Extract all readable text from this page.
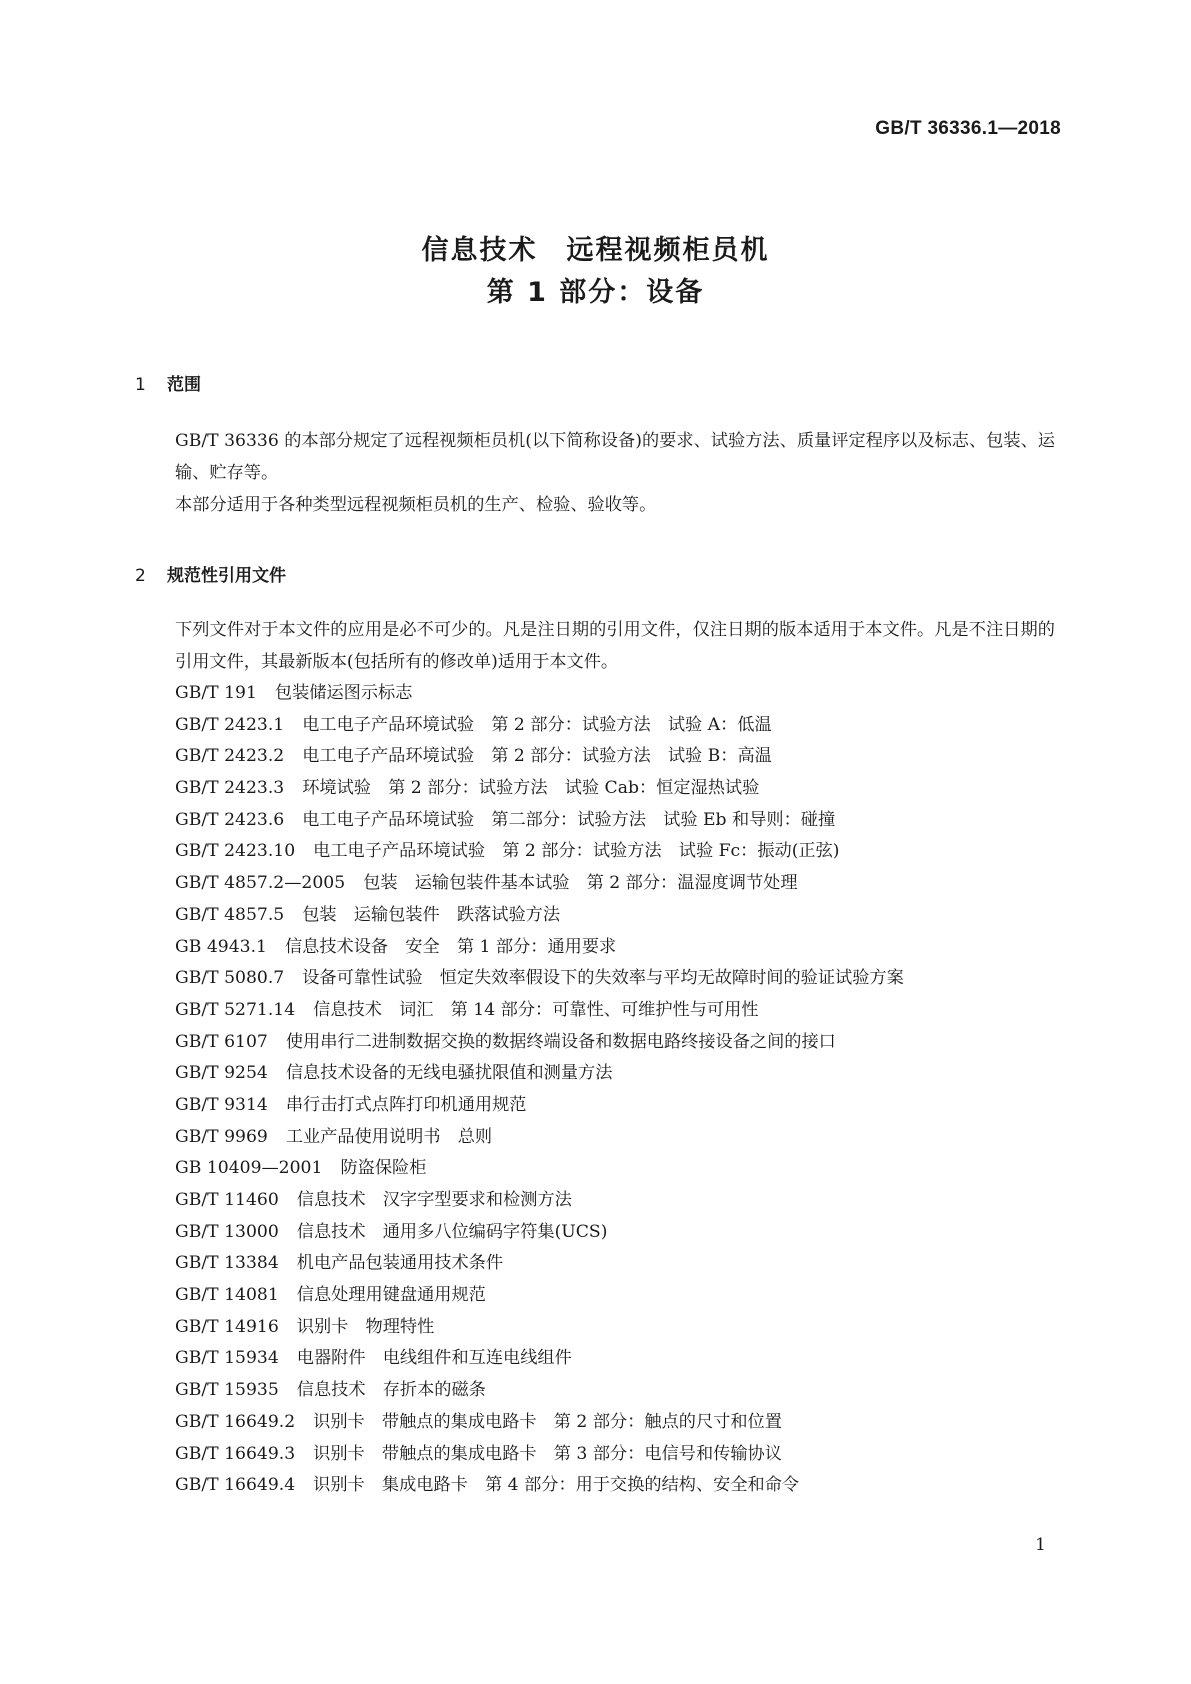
GB/T 36336.1—2018
信息技术　远程视频柜员机
第 1 部分：设备
1 范围
GB/T 36336 的本部分规定了远程视频柜员机(以下简称设备)的要求、试验方法、质量评定程序以及标志、包装、运输、贮存等。
本部分适用于各种类型远程视频柜员机的生产、检验、验收等。
2 规范性引用文件
下列文件对于本文件的应用是必不可少的。凡是注日期的引用文件，仅注日期的版本适用于本文件。凡是不注日期的引用文件，其最新版本(包括所有的修改单)适用于本文件。
GB/T 191 包装储运图示标志
GB/T 2423.1 电工电子产品环境试验　第 2 部分：试验方法　试验 A：低温
GB/T 2423.2 电工电子产品环境试验　第 2 部分：试验方法　试验 B：高温
GB/T 2423.3 环境试验　第 2 部分：试验方法　试验 Cab：恒定湿热试验
GB/T 2423.6 电工电子产品环境试验　第二部分：试验方法　试验 Eb 和导则：碰撞
GB/T 2423.10 电工电子产品环境试验　第 2 部分：试验方法　试验 Fc：振动(正弦)
GB/T 4857.2—2005 包装　运输包装件基本试验　第 2 部分：温湿度调节处理
GB/T 4857.5 包装　运输包装件　跌落试验方法
GB 4943.1 信息技术设备　安全　第 1 部分：通用要求
GB/T 5080.7 设备可靠性试验　恒定失效率假设下的失效率与平均无故障时间的验证试验方案
GB/T 5271.14 信息技术　词汇　第 14 部分：可靠性、可维护性与可用性
GB/T 6107 使用串行二进制数据交换的数据终端设备和数据电路终接设备之间的接口
GB/T 9254 信息技术设备的无线电骚扰限值和测量方法
GB/T 9314 串行击打式点阵打印机通用规范
GB/T 9969 工业产品使用说明书　总则
GB 10409—2001 防盗保险柜
GB/T 11460 信息技术　汉字字型要求和检测方法
GB/T 13000 信息技术　通用多八位编码字符集(UCS)
GB/T 13384 机电产品包装通用技术条件
GB/T 14081 信息处理用键盘通用规范
GB/T 14916 识别卡　物理特性
GB/T 15934 电器附件　电线组件和互连电线组件
GB/T 15935 信息技术　存折本的磁条
GB/T 16649.2 识别卡　带触点的集成电路卡　第 2 部分：触点的尺寸和位置
GB/T 16649.3 识别卡　带触点的集成电路卡　第 3 部分：电信号和传输协议
GB/T 16649.4 识别卡　集成电路卡　第 4 部分：用于交换的结构、安全和命令
1
